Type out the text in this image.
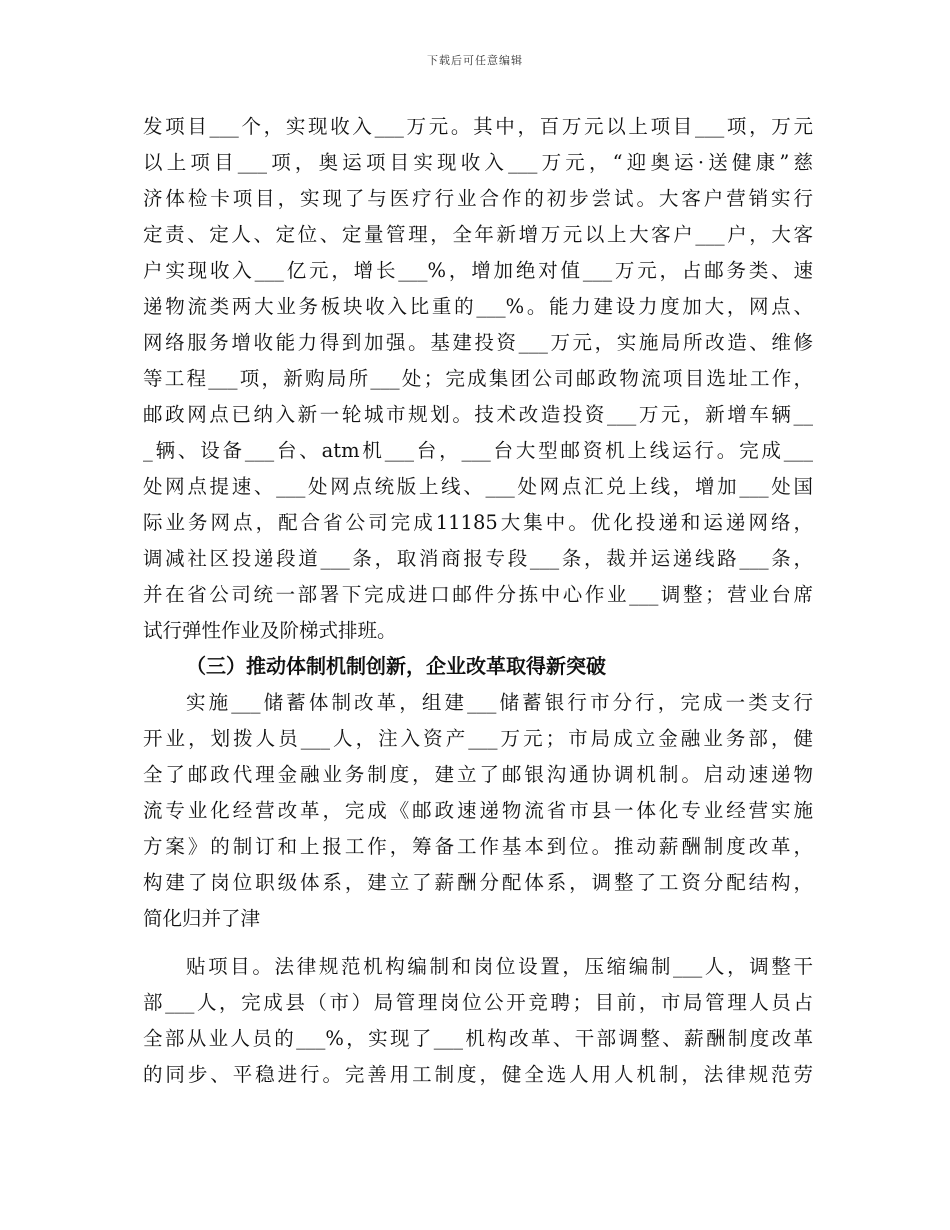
下载后可任意编辑
发项目___个，实现收入___万元。其中，百万元以上项目___项，万元
以上项目___项，奥运项目实现收入___万元，“迎奥运·送健康”慈
济体检卡项目，实现了与医疗行业合作的初步尝试。大客户营销实行
定责、定人、定位、定量管理，全年新增万元以上大客户___户，大客
户实现收入___亿元，增长___%，增加绝对值___万元，占邮务类、速
递物流类两大业务板块收入比重的___%。能力建设力度加大，网点、
网络服务增收能力得到加强。基建投资___万元，实施局所改造、维修
等工程___项，新购局所___处；完成集团公司邮政物流项目选址工作，
邮政网点已纳入新一轮城市规划。技术改造投资___万元，新增车辆__
_辆、设备___台、atm机___台，___台大型邮资机上线运行。完成___
处网点提速、___处网点统版上线、___处网点汇兑上线，增加___处国
际业务网点，配合省公司完成11185大集中。优化投递和运递网络，
调减社区投递段道___条，取消商报专段___条，裁并运递线路___条，
并在省公司统一部署下完成进口邮件分拣中心作业___调整；营业台席
试行弹性作业及阶梯式排班。
（三）推动体制机制创新，企业改革取得新突破
实施___储蓄体制改革，组建___储蓄银行市分行，完成一类支行
开业，划拨人员___人，注入资产___万元；市局成立金融业务部，健
全了邮政代理金融业务制度，建立了邮银沟通协调机制。启动速递物
流专业化经营改革，完成《邮政速递物流省市县一体化专业经营实施
方案》的制订和上报工作，筹备工作基本到位。推动薪酬制度改革，
构建了岗位职级体系，建立了薪酬分配体系，调整了工资分配结构，
简化归并了津
贴项目。法律规范机构编制和岗位设置，压缩编制___人，调整干
部___人，完成县（市）局管理岗位公开竞聘；目前，市局管理人员占
全部从业人员的___%，实现了___机构改革、干部调整、薪酬制度改革
的同步、平稳进行。完善用工制度，健全选人用人机制，法律规范劳
